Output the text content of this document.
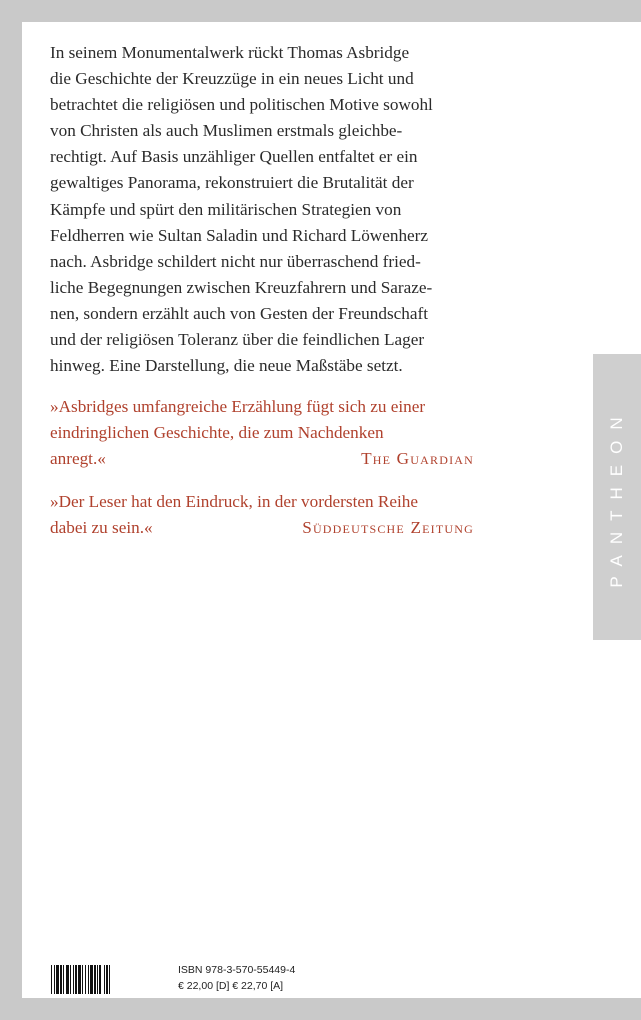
In seinem Monumentalwerk rückt Thomas Asbridge
die Geschichte der Kreuzzüge in ein neues Licht und
betrachtet die religiösen und politischen Motive sowohl
von Christen als auch Muslimen erstmals gleichbe-
rechtigt. Auf Basis unzähliger Quellen entfaltet er ein
gewaltiges Panorama, rekonstruiert die Brutalität der
Kämpfe und spürt den militärischen Strategien von
Feldherren wie Sultan Saladin und Richard Löwenherz
nach. Asbridge schildert nicht nur überraschend fried-
liche Begegnungen zwischen Kreuzfahrern und Saraze-
nen, sondern erzählt auch von Gesten der Freundschaft
und der religiösen Toleranz über die feindlichen Lager
hinweg. Eine Darstellung, die neue Maßstäbe setzt.
»Asbridges umfangreiche Erzählung fügt sich zu einer
eindringlichen Geschichte, die zum Nachdenken
anregt.«	The Guardian
»Der Leser hat den Eindruck, in der vordersten Reihe
dabei zu sein.«	Süddeutsche Zeitung	PANTHEON
ISBN 978-3-570-55449-4
€ 22,00 [D] € 22,70 [A]
